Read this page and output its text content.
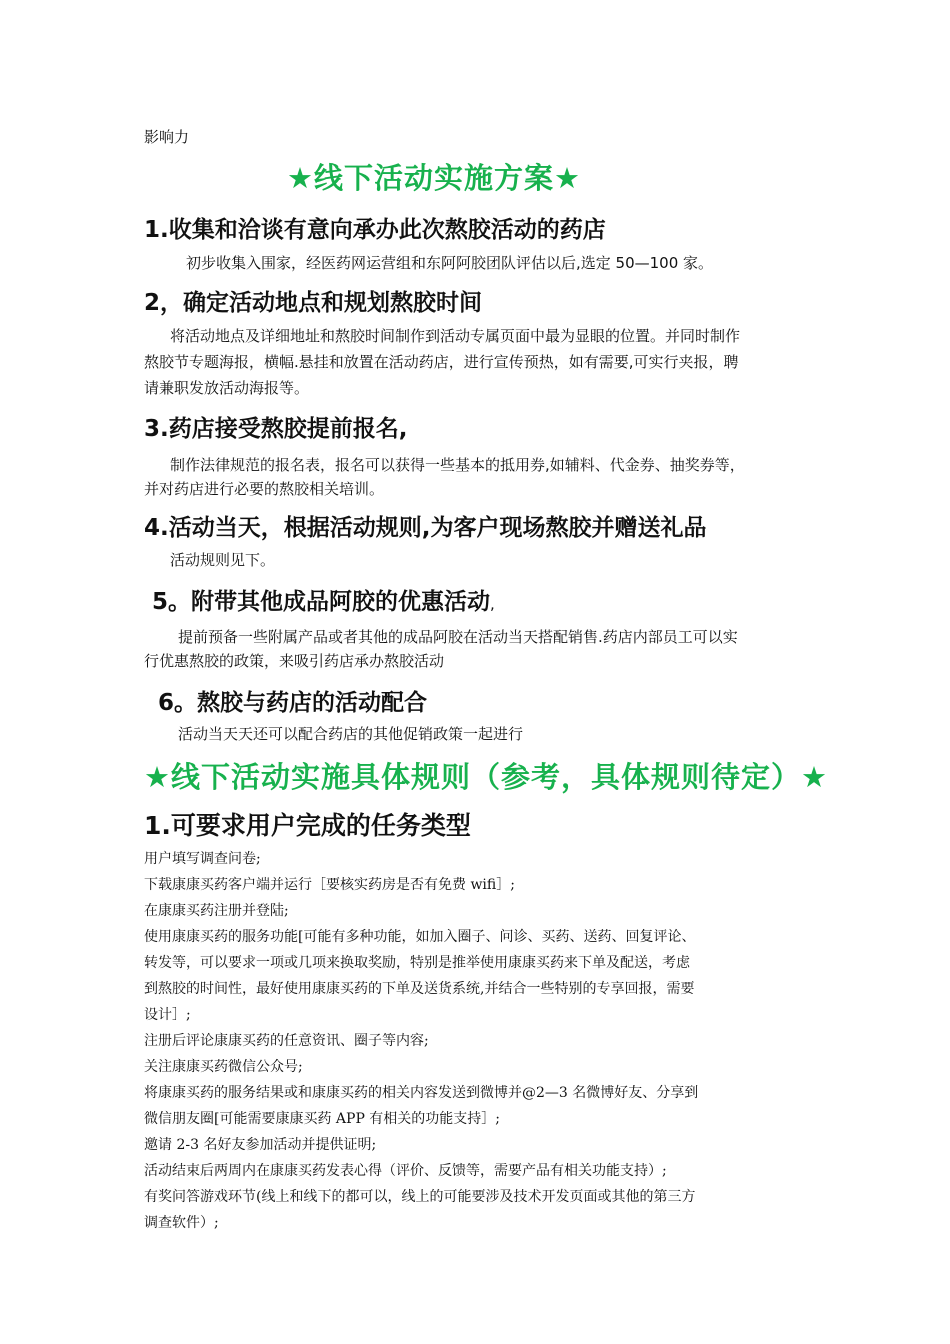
影响力
★线下活动实施方案★
1.收集和洽谈有意向承办此次熬胶活动的药店
初步收集入围家，经医药网运营组和东阿阿胶团队评估以后,选定 50—100 家。
2，确定活动地点和规划熬胶时间
将活动地点及详细地址和熬胶时间制作到活动专属页面中最为显眼的位置。并同时制作
熬胶节专题海报，横幅.悬挂和放置在活动药店，进行宣传预热，如有需要,可实行夹报，聘
请兼职发放活动海报等。
3.药店接受熬胶提前报名,
制作法律规范的报名表，报名可以获得一些基本的抵用券,如辅料、代金券、抽奖券等，
并对药店进行必要的熬胶相关培训。
4.活动当天，根据活动规则,为客户现场熬胶并赠送礼品
活动规则见下。
5。附带其他成品阿胶的优惠活动,
提前预备一些附属产品或者其他的成品阿胶在活动当天搭配销售.药店内部员工可以实
行优惠熬胶的政策，来吸引药店承办熬胶活动
6。熬胶与药店的活动配合
活动当天天还可以配合药店的其他促销政策一起进行
★线下活动实施具体规则（参考，具体规则待定）★
1.可要求用户完成的任务类型
用户填写调查问卷;
下载康康买药客户端并运行［要核实药房是否有免费 wifi］;
在康康买药注册并登陆;
使用康康买药的服务功能[可能有多种功能，如加入圈子、问诊、买药、送药、回复评论、
转发等，可以要求一项或几项来换取奖励，特别是推举使用康康买药来下单及配送，考虑
到熬胶的时间性，最好使用康康买药的下单及送货系统,并结合一些特别的专享回报，需要
设计］;
注册后评论康康买药的任意资讯、圈子等内容;
关注康康买药微信公众号;
将康康买药的服务结果或和康康买药的相关内容发送到微博并@2—3 名微博好友、分享到
微信朋友圈[可能需要康康买药 APP 有相关的功能支持］;
邀请 2-3 名好友参加活动并提供证明;
活动结束后两周内在康康买药发表心得（评价、反馈等，需要产品有相关功能支持）;
有奖问答游戏环节(线上和线下的都可以，线上的可能要涉及技术开发页面或其他的第三方
调查软件）;
